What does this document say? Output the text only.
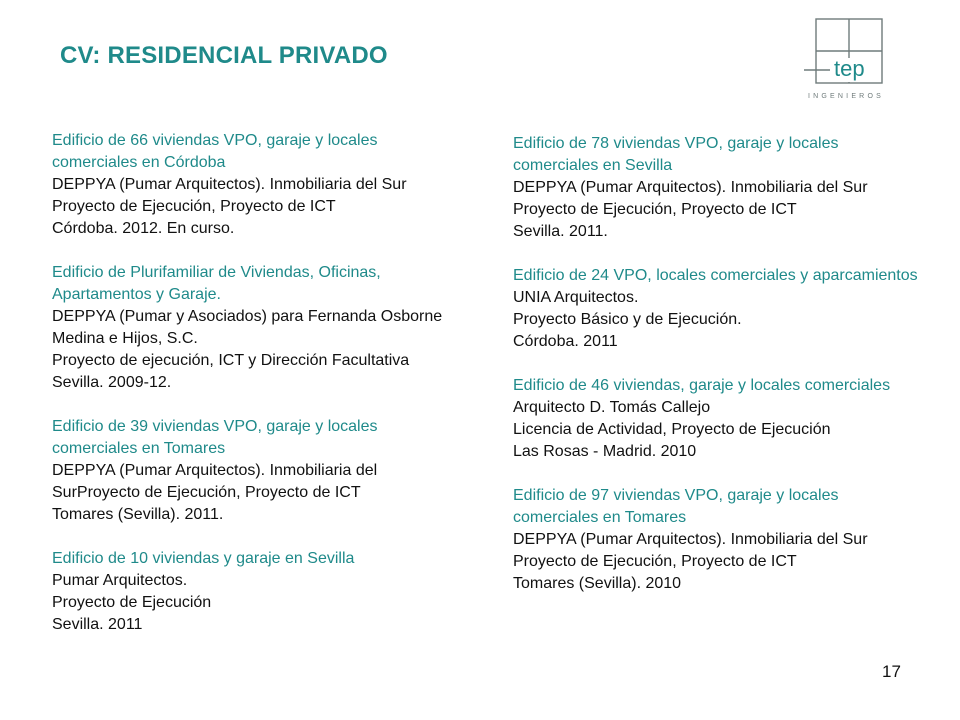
CV: RESIDENCIAL PRIVADO	tep
INGENIEROS
Edificio de 66 viviendas VPO, garaje y locales comerciales en Córdoba
DEPPYA (Pumar Arquitectos). Inmobiliaria del Sur
Proyecto de Ejecución, Proyecto de ICT
Córdoba. 2012. En curso.
Edificio de Plurifamiliar de Viviendas, Oficinas, Apartamentos y Garaje.
DEPPYA (Pumar y Asociados) para Fernanda Osborne Medina e Hijos, S.C.
Proyecto de ejecución, ICT y Dirección Facultativa
Sevilla. 2009-12.
Edificio de 39 viviendas VPO, garaje y locales comerciales en Tomares
DEPPYA (Pumar Arquitectos). Inmobiliaria del SurProyecto de Ejecución, Proyecto de ICT
Tomares (Sevilla). 2011.
Edificio de 10 viviendas y garaje en Sevilla
Pumar Arquitectos.
Proyecto de Ejecución
Sevilla. 2011
Edificio de 78 viviendas VPO, garaje y locales comerciales en Sevilla
DEPPYA (Pumar Arquitectos). Inmobiliaria del Sur
Proyecto de Ejecución, Proyecto de ICT
Sevilla. 2011.
Edificio de 24 VPO, locales comerciales y aparcamientos
UNIA Arquitectos.
Proyecto Básico y de Ejecución.
Córdoba. 2011
Edificio de 46 viviendas, garaje y locales comerciales
Arquitecto D. Tomás Callejo
Licencia de Actividad, Proyecto de Ejecución
Las Rosas - Madrid. 2010
Edificio de 97 viviendas VPO, garaje y locales comerciales en Tomares
DEPPYA (Pumar Arquitectos). Inmobiliaria del Sur
Proyecto de Ejecución, Proyecto de ICT
Tomares (Sevilla). 2010
17
